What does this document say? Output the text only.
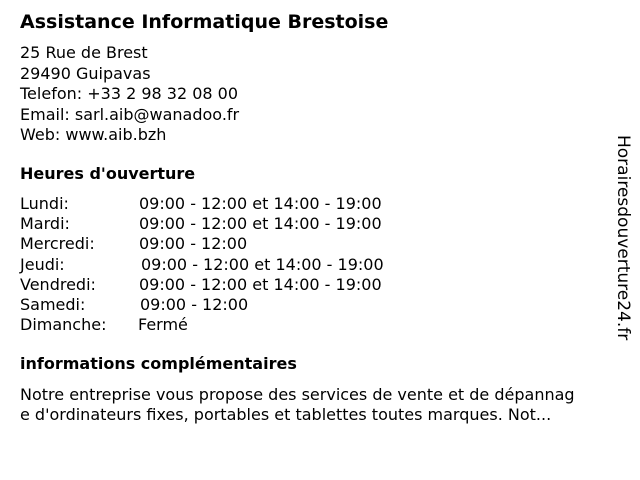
Assistance Informatique Brestoise
25 Rue de Brest
29490 Guipavas
Telefon: +33 2 98 32 08 00
Email: sarl.aib@wanadoo.fr
Web: www.aib.bzh
Heures d'ouverture
Lundi:	09:00 - 12:00 et 14:00 - 19:00
Mardi:	09:00 - 12:00 et 14:00 - 19:00
Mercredi:	09:00 - 12:00
Jeudi:	09:00 - 12:00 et 14:00 - 19:00
Vendredi:	09:00 - 12:00 et 14:00 - 19:00
Samedi:	09:00 - 12:00
Dimanche: Fermé
informations complémentaires
Notre entreprise vous propose des services de vente et de dépannag
e d'ordinateurs fixes, portables et tablettes toutes marques. Not...
Horairesdouverture24.fr
